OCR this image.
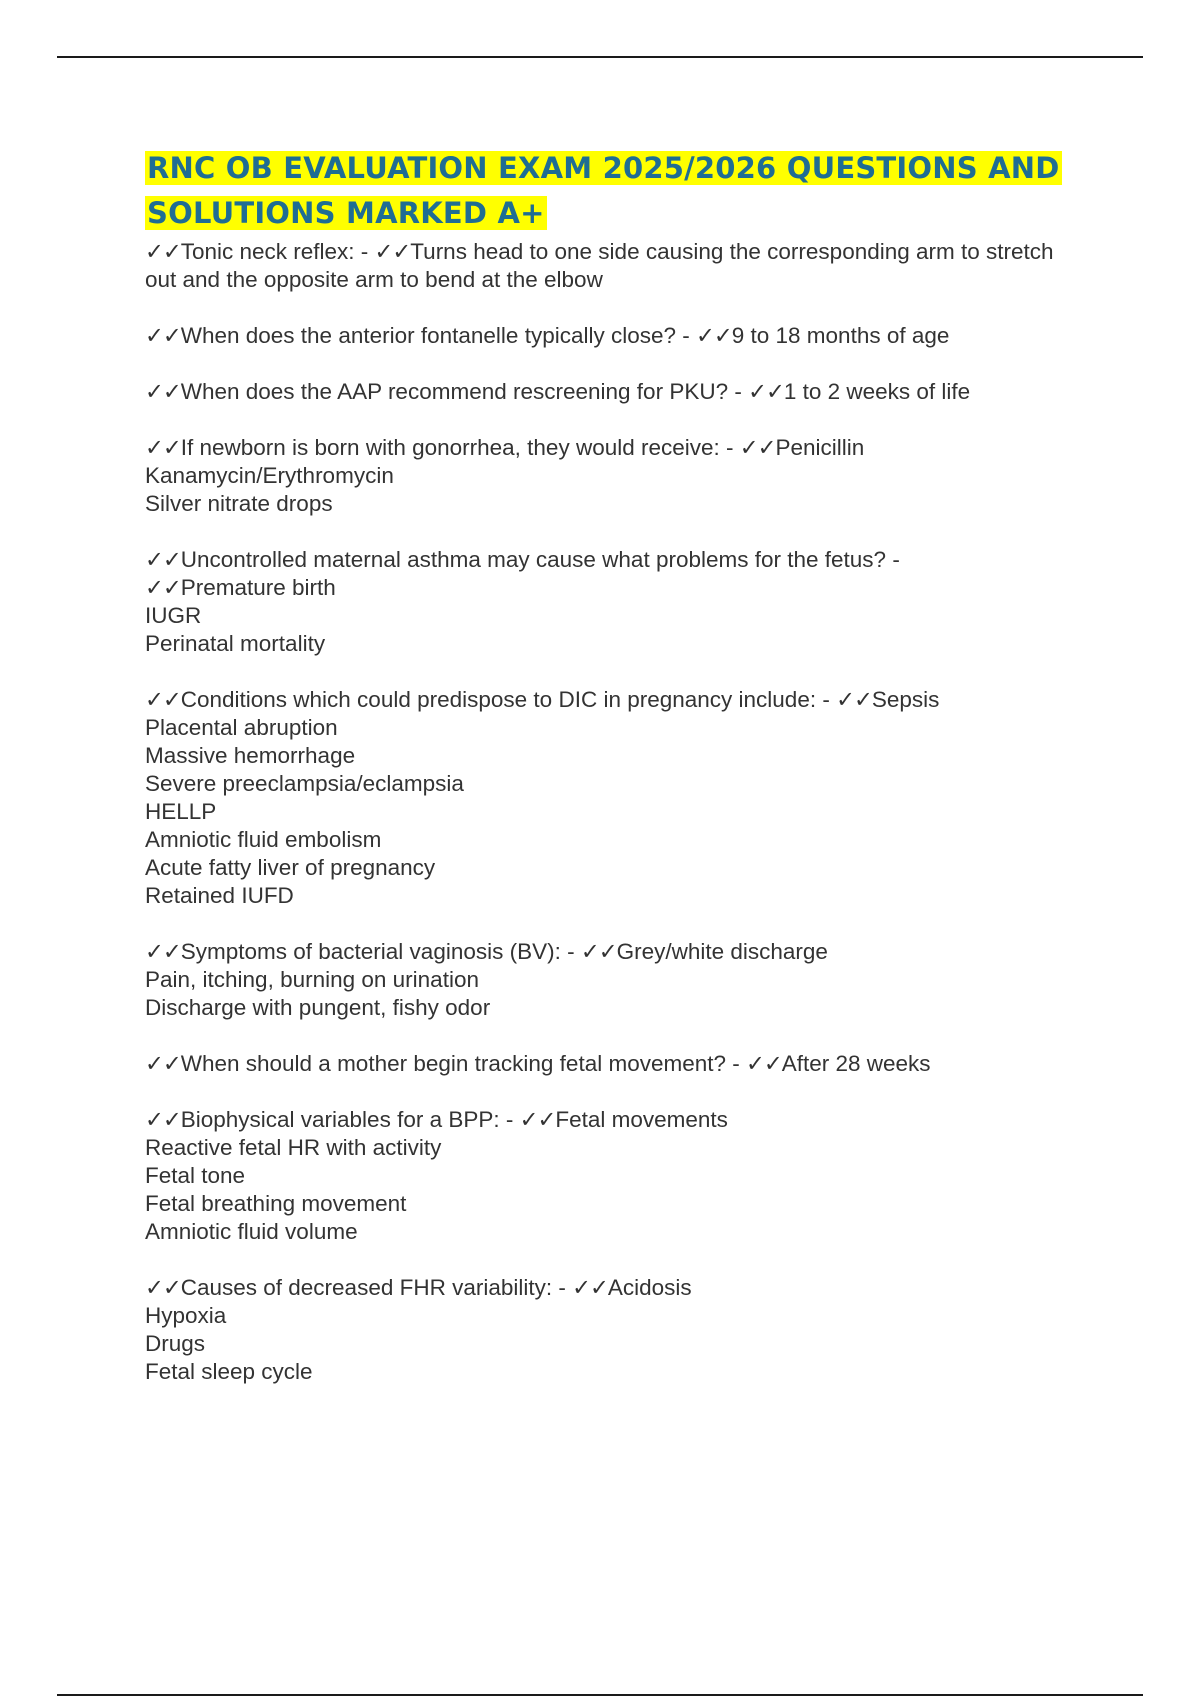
RNC OB EVALUATION EXAM 2025/2026 QUESTIONS AND SOLUTIONS MARKED A+
✓✓Tonic neck reflex: - ✓✓Turns head to one side causing the corresponding arm to stretch out and the opposite arm to bend at the elbow
✓✓When does the anterior fontanelle typically close? - ✓✓9 to 18 months of age
✓✓When does the AAP recommend rescreening for PKU? - ✓✓1 to 2 weeks of life
✓✓If newborn is born with gonorrhea, they would receive: - ✓✓Penicillin
Kanamycin/Erythromycin
Silver nitrate drops
✓✓Uncontrolled maternal asthma may cause what problems for the fetus? -
✓✓Premature birth
IUGR
Perinatal mortality
✓✓Conditions which could predispose to DIC in pregnancy include: - ✓✓Sepsis
Placental abruption
Massive hemorrhage
Severe preeclampsia/eclampsia
HELLP
Amniotic fluid embolism
Acute fatty liver of pregnancy
Retained IUFD
✓✓Symptoms of bacterial vaginosis (BV): - ✓✓Grey/white discharge
Pain, itching, burning on urination
Discharge with pungent, fishy odor
✓✓When should a mother begin tracking fetal movement? - ✓✓After 28 weeks
✓✓Biophysical variables for a BPP: - ✓✓Fetal movements
Reactive fetal HR with activity
Fetal tone
Fetal breathing movement
Amniotic fluid volume
✓✓Causes of decreased FHR variability: - ✓✓Acidosis
Hypoxia
Drugs
Fetal sleep cycle
